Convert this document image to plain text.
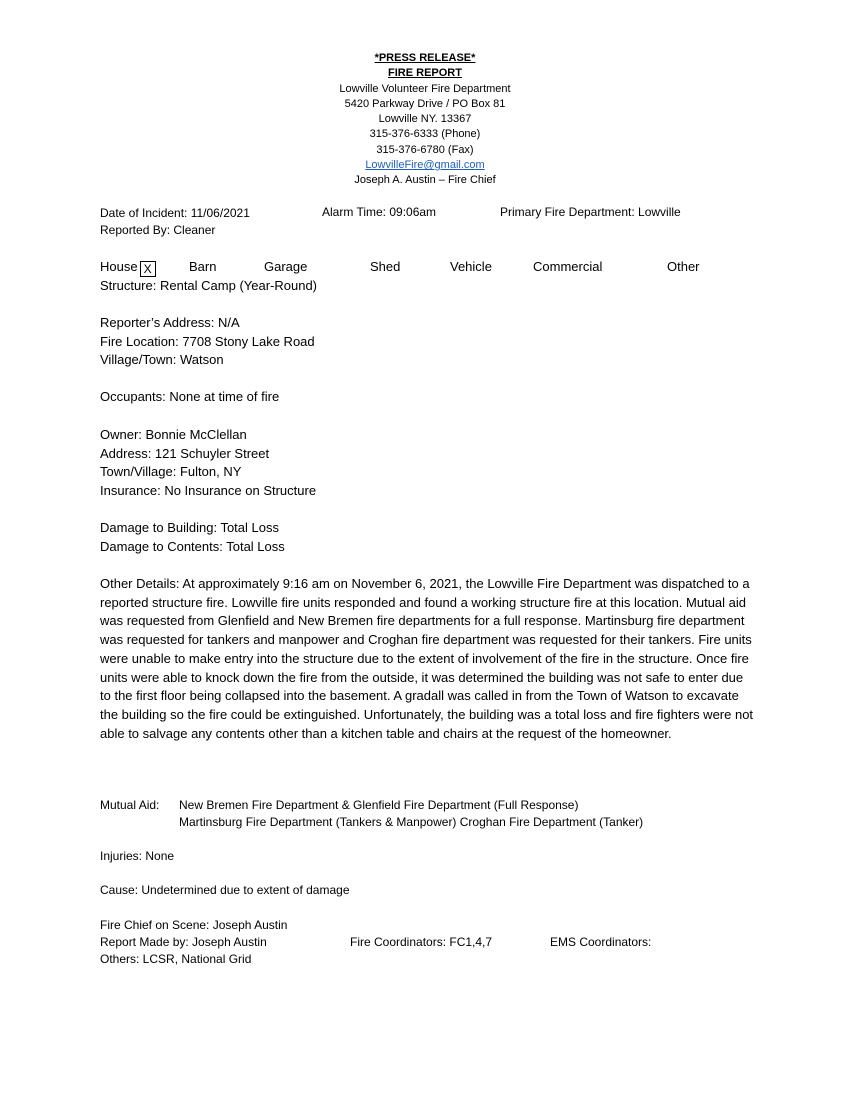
*PRESS RELEASE*
FIRE REPORT
Lowville Volunteer Fire Department
5420 Parkway Drive / PO Box 81
Lowville NY. 13367
315-376-6333 (Phone)
315-376-6780 (Fax)
LowvilleFire@gmail.com
Joseph A. Austin – Fire Chief
Date of Incident: 11/06/2021	Alarm Time: 09:06am	Primary Fire Department: Lowville
Reported By: Cleaner
House X	Barn	Garage	Shed	Vehicle	Commercial	Other
Structure: Rental Camp (Year-Round)
Reporter’s Address: N/A
Fire Location: 7708 Stony Lake Road
Village/Town: Watson
Occupants: None at time of fire
Owner: Bonnie McClellan
Address: 121 Schuyler Street
Town/Village: Fulton, NY
Insurance: No Insurance on Structure
Damage to Building: Total Loss
Damage to Contents: Total Loss
Other Details: At approximately 9:16 am on November 6, 2021, the Lowville Fire Department was dispatched to a reported structure fire. Lowville fire units responded and found a working structure fire at this location. Mutual aid was requested from Glenfield and New Bremen fire departments for a full response. Martinsburg fire department was requested for tankers and manpower and Croghan fire department was requested for their tankers. Fire units were unable to make entry into the structure due to the extent of involvement of the fire in the structure. Once fire units were able to knock down the fire from the outside, it was determined the building was not safe to enter due to the first floor being collapsed into the basement. A gradall was called in from the Town of Watson to excavate the building so the fire could be extinguished. Unfortunately, the building was a total loss and fire fighters were not able to salvage any contents other than a kitchen table and chairs at the request of the homeowner.
Mutual Aid: New Bremen Fire Department & Glenfield Fire Department (Full Response)
Martinsburg Fire Department (Tankers & Manpower) Croghan Fire Department (Tanker)
Injuries: None
Cause: Undetermined due to extent of damage
Fire Chief on Scene: Joseph Austin
Report Made by: Joseph Austin	Fire Coordinators: FC1,4,7	EMS Coordinators:
Others: LCSR, National Grid
